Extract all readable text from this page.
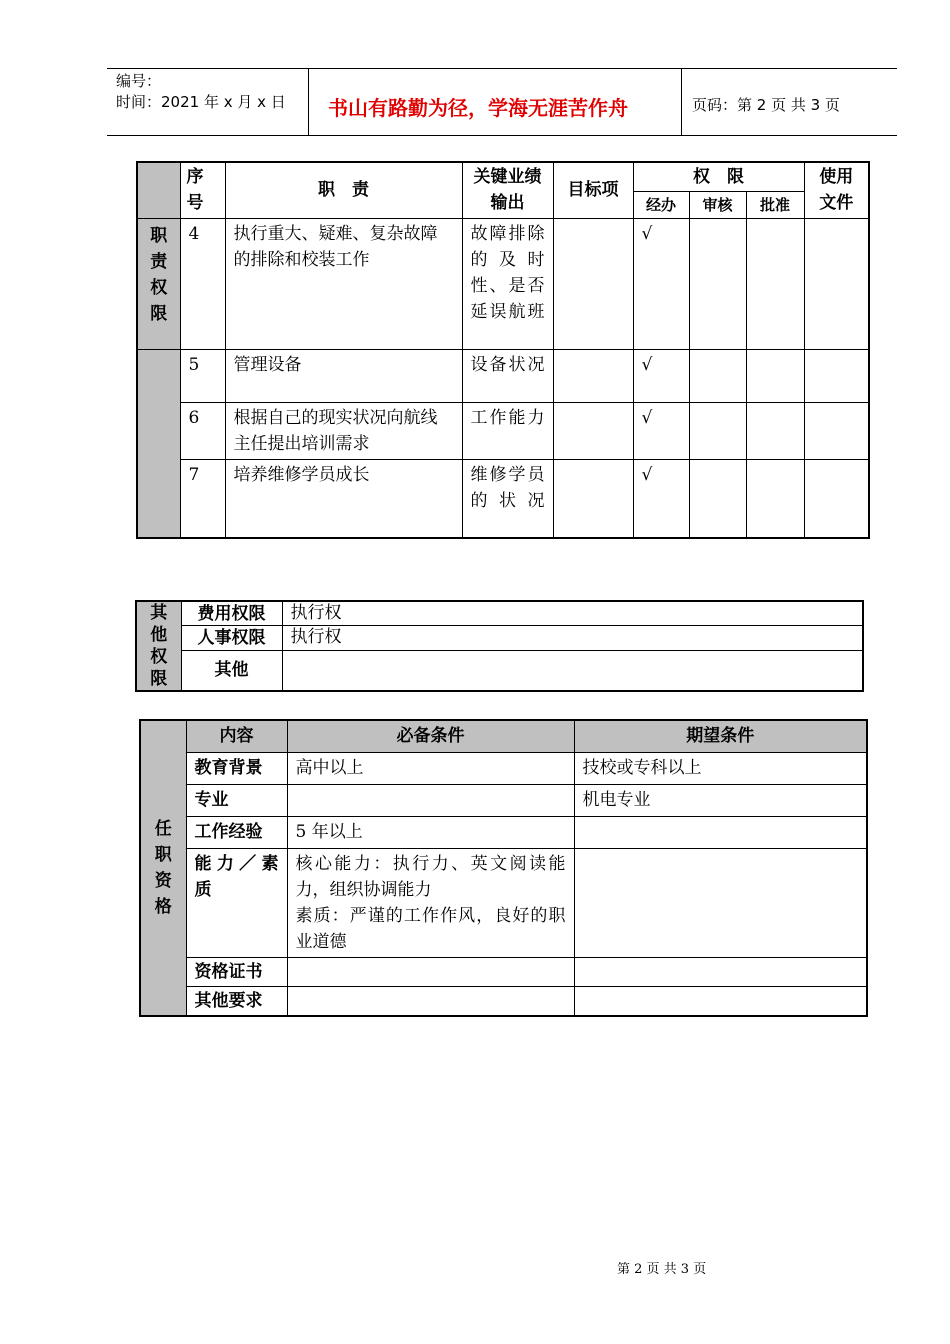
编号：
时间：2021 年 x 月 x 日 书山有路勤为径，学海无涯苦作舟	页码：第 2 页 共 3 页
	序号	职　责	关键业绩输出	目标项	权　限			使用文件
					经办	审核	批准	
职责权限	4	执行重大、疑难、复杂故障的排除和校装工作	故障排除的及时性、是否延误航班		√			
	5	管理设备	设备状况		√			
	6	根据自己的现实状况向航线主任提出培训需求	工作能力		√			
	7	培养维修学员成长	维修学员的状况		√			
其他权限	费用权限	执行权
	人事权限	执行权
	其他	
任职资格	内容	必备条件	期望条件
	教育背景	高中以上	技校或专科以上
	专业		机电专业
	工作经验	5 年以上	
	能力／素质	核心能力：执行力、英文阅读能力，组织协调能力
素质：严谨的工作作风，良好的职业道德	

	资格证书		
	其他要求		
第 2 页 共 3 页
